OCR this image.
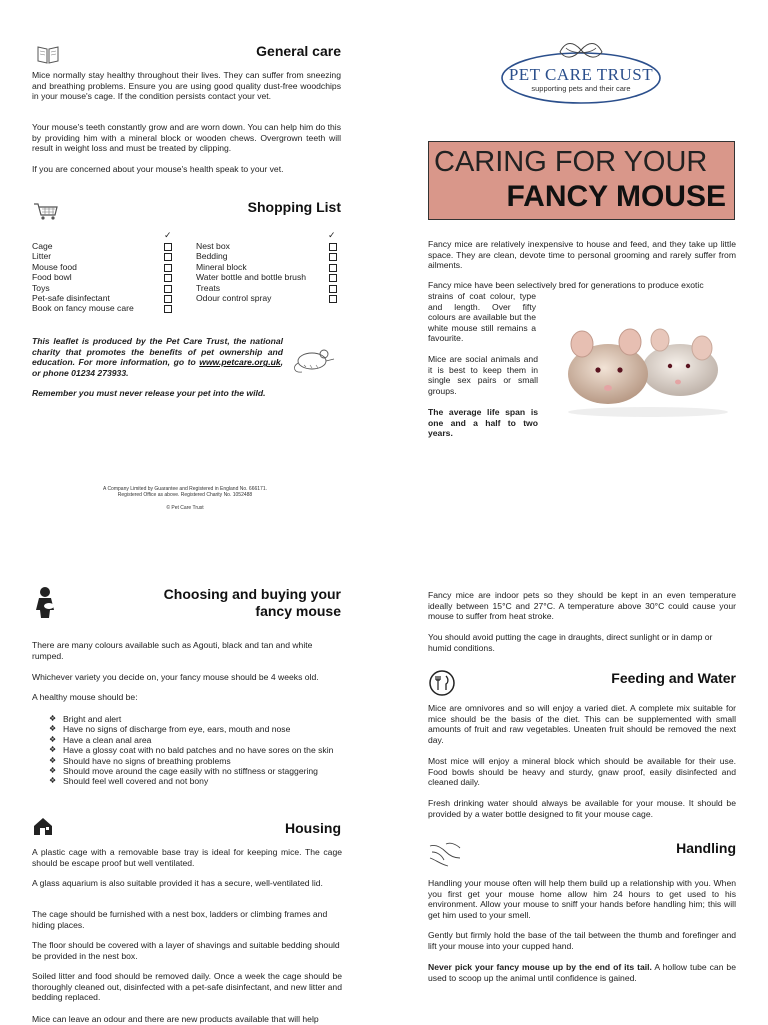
General care

Mice normally stay healthy throughout their lives. They can suffer from sneezing and breathing problems. Ensure you are using good quality dust-free woodchips in your mouse's cage. If the condition persists contact your vet.

Your mouse's teeth constantly grow and are worn down. You can help him do this by providing him with a mineral block or wooden chews. Overgrown teeth will result in weight loss and must be treated by clipping.

If you are concerned about your mouse's health speak to your vet.

Shopping List
✓	✓
Cage
Litter
Mouse food
Food bowl
Toys
Pet-safe disinfectant
Book on fancy mouse care
Nest box
Bedding
Mineral block
Water bottle and bottle brush
Treats
Odour control spray

This leaflet is produced by the Pet Care Trust, the national charity that promotes the benefits of pet ownership and education. For more information, go to www.petcare.org.uk, or phone 01234 273933.

Remember you must never release your pet into the wild.

A Company Limited by Guarantee and Registered in England No. 666171.
Registered Office as above. Registered Charity No. 1052488
© Pet Care Trust
PET CARE TRUST
supporting pets and their care
CARING FOR YOUR
FANCY MOUSE

Fancy mice are relatively inexpensive to house and feed, and they take up little space. They are clean, devote time to personal grooming and rarely suffer from ailments.

Fancy mice have been selectively bred for generations to produce exotic

strains of coat colour, type and length. Over fifty colours are available but the white mouse still remains a favourite.

Mice are social animals and it is best to keep them in single sex pairs or small groups.

The average life span is one and a half to two years.

Choosing and buying your
fancy mouse

There are many colours available such as Agouti, black and tan and white rumped.

Whichever variety you decide on, your fancy mouse should be 4 weeks old.

A healthy mouse should be:

❖ Bright and alert
❖ Have no signs of discharge from eye, ears, mouth and nose
❖ Have a clean anal area
❖ Have a glossy coat with no bald patches and no have sores on the skin
❖ Should have no signs of breathing problems
❖ Should move around the cage easily with no stiffness or staggering
❖ Should feel well covered and not bony
Housing

A plastic cage with a removable base tray is ideal for keeping mice. The cage should be escape proof but well ventilated.

A glass aquarium is also suitable provided it has a secure, well-ventilated lid.

The cage should be furnished with a nest box, ladders or climbing frames and hiding places.

The floor should be covered with a layer of shavings and suitable bedding should be provided in the nest box.

Soiled litter and food should be removed daily. Once a week the cage should be thoroughly cleaned out, disinfected with a pet-safe disinfectant, and new litter and bedding replaced.

Mice can leave an odour and there are new products available that will help

Fancy mice are indoor pets so they should be kept in an even temperature ideally between 15°C and 27°C. A temperature above 30°C could cause your mouse to suffer from heat stroke.

You should avoid putting the cage in draughts, direct sunlight or in damp or humid conditions.

Feeding and Water

Mice are omnivores and so will enjoy a varied diet. A complete mix suitable for mice should be the basis of the diet. This can be supplemented with small amounts of fruit and raw vegetables. Uneaten fruit should be removed the next day.

Most mice will enjoy a mineral block which should be available for their use. Food bowls should be heavy and sturdy, gnaw proof, easily disinfected and cleaned daily.

Fresh drinking water should always be available for your mouse. It should be provided by a water bottle designed to fit your mouse cage.

Handling

Handling your mouse often will help them build up a relationship with you. When you first get your mouse home allow him 24 hours to get used to his environment. Allow your mouse to sniff your hands before handling him; this will get him used to your smell.

Gently but firmly hold the base of the tail between the thumb and forefinger and lift your mouse into your cupped hand.

Never pick your fancy mouse up by the end of its tail. A hollow tube can be used to scoop up the animal until confidence is gained.
